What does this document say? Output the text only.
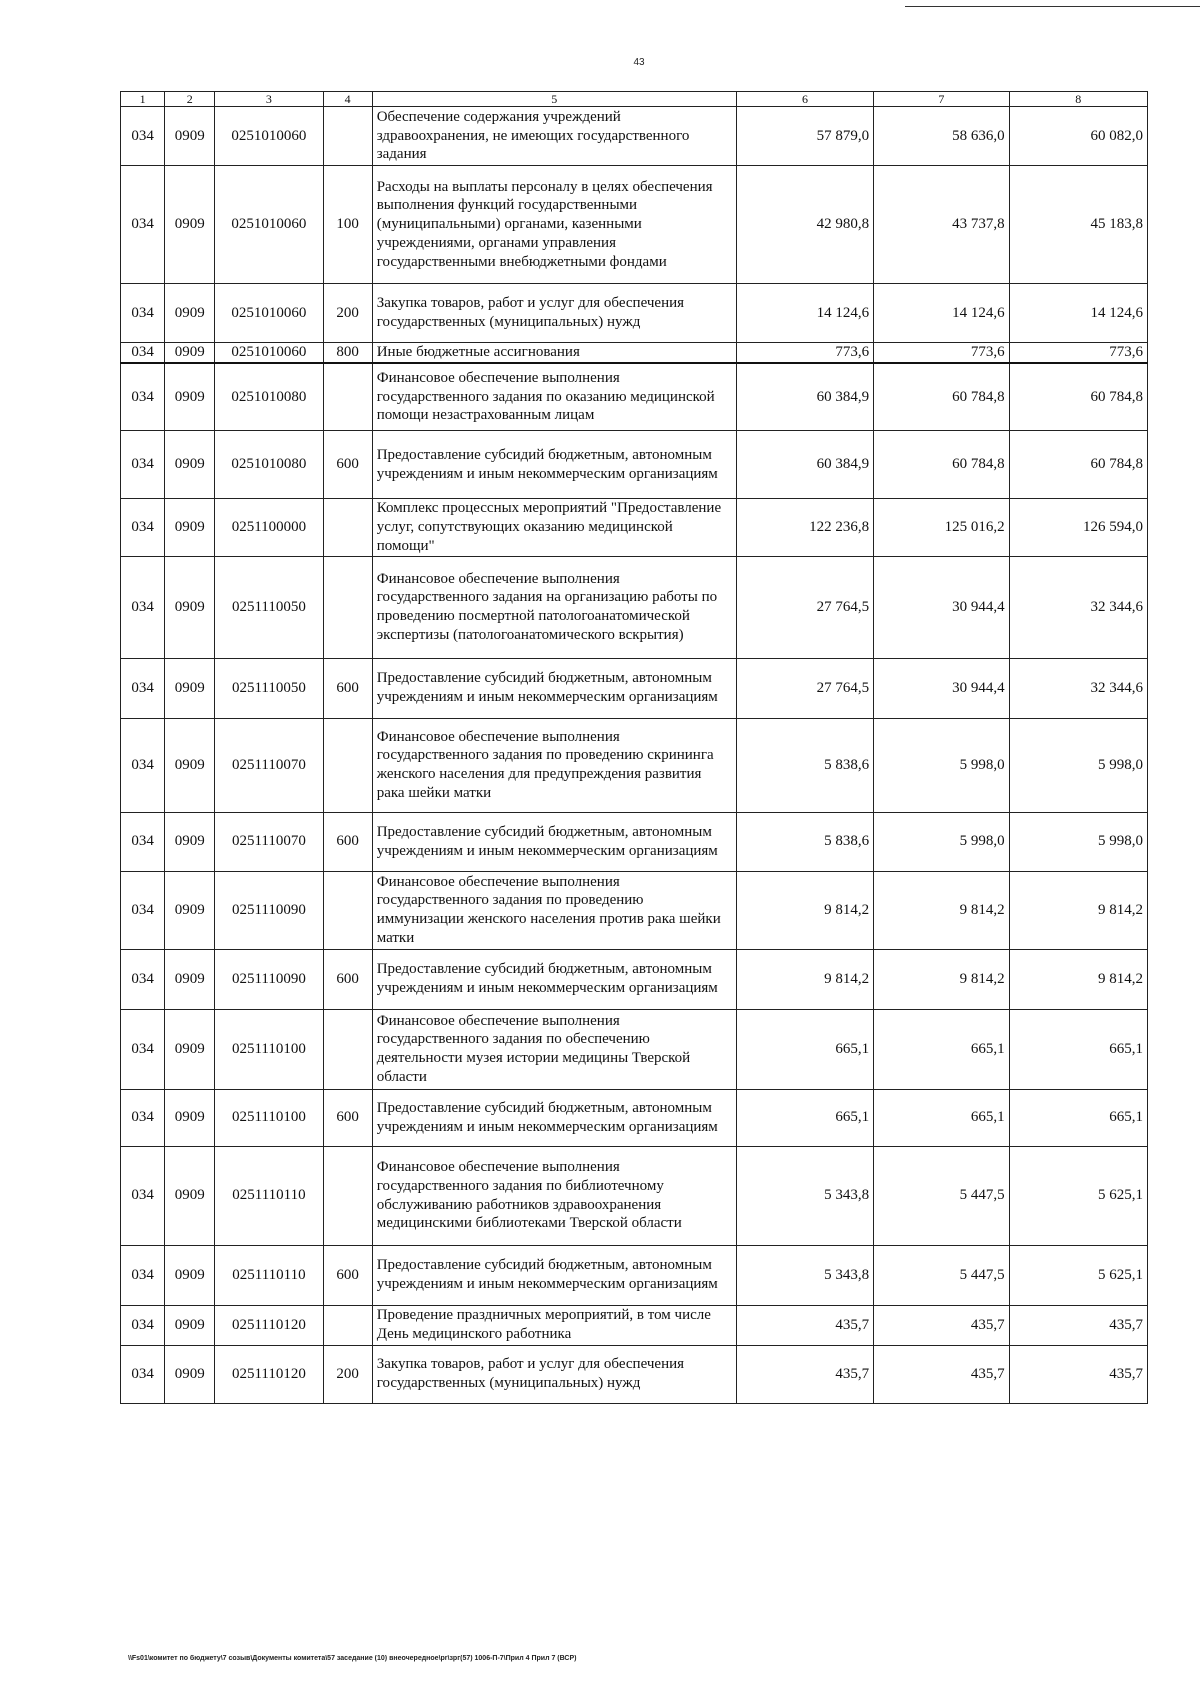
43
1	2	3	4	5	6	7	8
034	0909	0251010060		Обеспечение содержания учреждений здравоохранения, не имеющих государственного задания	57 879,0	58 636,0	60 082,0
034	0909	0251010060	100	Расходы на выплаты персоналу в целях обеспечения выполнения функций государственными (муниципальными) органами, казенными учреждениями, органами управления государственными внебюджетными фондами	42 980,8	43 737,8	45 183,8
034	0909	0251010060	200	Закупка товаров, работ и услуг для обеспечения государственных (муниципальных) нужд	14 124,6	14 124,6	14 124,6
034	0909	0251010060	800	Иные бюджетные ассигнования	773,6	773,6	773,6
034	0909	0251010080		Финансовое обеспечение выполнения государственного задания по оказанию медицинской помощи незастрахованным лицам	60 384,9	60 784,8	60 784,8
034	0909	0251010080	600	Предоставление субсидий бюджетным, автономным учреждениям и иным некоммерческим организациям	60 384,9	60 784,8	60 784,8
034	0909	0251100000		Комплекс процессных мероприятий "Предоставление услуг, сопутствующих оказанию медицинской помощи"	122 236,8	125 016,2	126 594,0
034	0909	0251110050		Финансовое обеспечение выполнения государственного задания на организацию работы по проведению посмертной патологоанатомической экспертизы (патологоанатомического вскрытия)	27 764,5	30 944,4	32 344,6
034	0909	0251110050	600	Предоставление субсидий бюджетным, автономным учреждениям и иным некоммерческим организациям	27 764,5	30 944,4	32 344,6
034	0909	0251110070		Финансовое обеспечение выполнения государственного задания по проведению скрининга женского населения для предупреждения развития рака шейки матки	5 838,6	5 998,0	5 998,0
034	0909	0251110070	600	Предоставление субсидий бюджетным, автономным учреждениям и иным некоммерческим организациям	5 838,6	5 998,0	5 998,0
034	0909	0251110090		Финансовое обеспечение выполнения государственного задания по проведению иммунизации женского населения против рака шейки матки	9 814,2	9 814,2	9 814,2
034	0909	0251110090	600	Предоставление субсидий бюджетным, автономным учреждениям и иным некоммерческим организациям	9 814,2	9 814,2	9 814,2
034	0909	0251110100		Финансовое обеспечение выполнения государственного задания по обеспечению деятельности музея истории медицины Тверской области	665,1	665,1	665,1
034	0909	0251110100	600	Предоставление субсидий бюджетным, автономным учреждениям и иным некоммерческим организациям	665,1	665,1	665,1
034	0909	0251110110		Финансовое обеспечение выполнения государственного задания по библиотечному обслуживанию работников здравоохранения медицинскими библиотеками Тверской области	5 343,8	5 447,5	5 625,1
034	0909	0251110110	600	Предоставление субсидий бюджетным, автономным учреждениям и иным некоммерческим организациям	5 343,8	5 447,5	5 625,1
034	0909	0251110120		Проведение праздничных мероприятий, в том числе День медицинского работника	435,7	435,7	435,7
034	0909	0251110120	200	Закупка товаров, работ и услуг для обеспечения государственных (муниципальных) нужд	435,7	435,7	435,7
\\Fs01\комитет по бюджету\7 созыв\Документы комитета\57 заседание (10) внеочередное\pr\зрг(57) 1006-П-7\Прил 4 Прил 7 (ВСР)
